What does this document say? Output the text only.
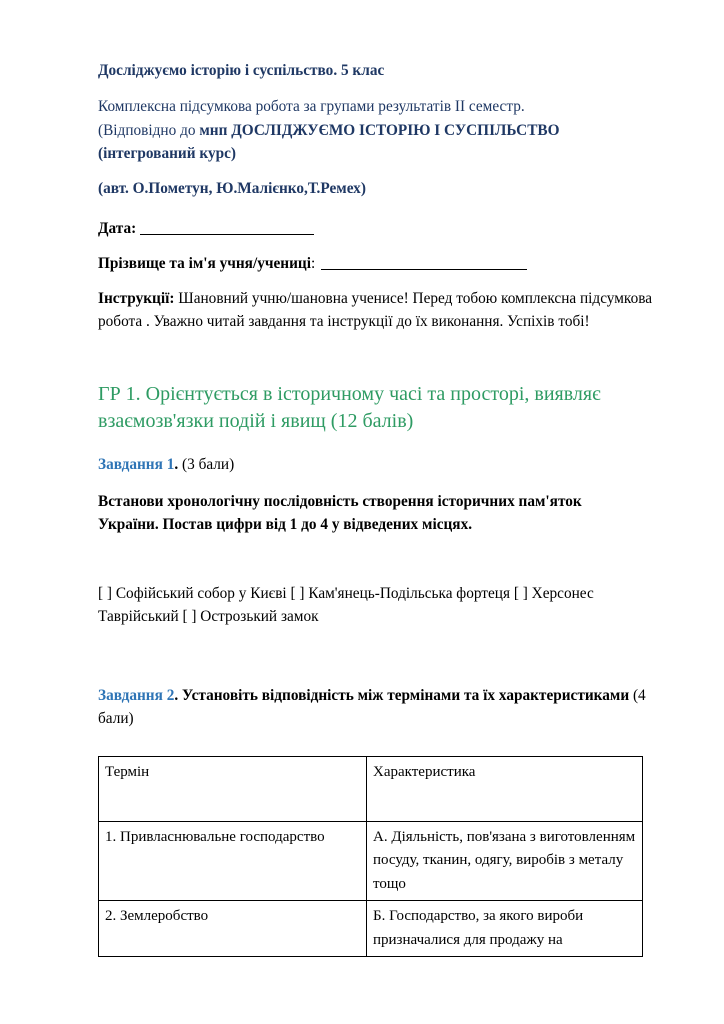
Досліджуємо історію і суспільство. 5 клас

Комплексна підсумкова робота за групами результатів ІІ семестр.

(Відповідно до мнп ДОСЛІДЖУЄМО ІСТОРІЮ І СУСПІЛЬСТВО (інтегрований курс)

(авт. О.Пометун, Ю.Малієнко,Т.Ремех)

Дата:
Прізвище та ім'я учня/учениці:

Інструкції: Шановний учню/шановна учениce! Перед тобою комплексна підсумкова робота . Уважно читай завдання та інструкції до їх виконання. Успіхів тобі!

ГР 1. Орієнтується в історичному часі та просторі, виявляє взаємозв'язки подій і явищ (12 балів)

Завдання 1. (3 бали)

Встанови хронологічну послідовність створення історичних пам'яток України. Постав цифри від 1 до 4 у відведених місцях.

[ ] Софійський собор у Києві [ ] Кам'янець-Подільська фортеця [ ] Херсонес Таврійський [ ] Острозький замок

Завдання 2. Установіть відповідність між термінами та їх характеристиками (4 бали)

Термін	Характеристика
1. Привласнювальне господарство	А. Діяльність, пов'язана з виготовленням посуду, тканин, одягу, виробів з металу тощо
2. Землеробство	Б. Господарство, за якого вироби призначалися для продажу на
